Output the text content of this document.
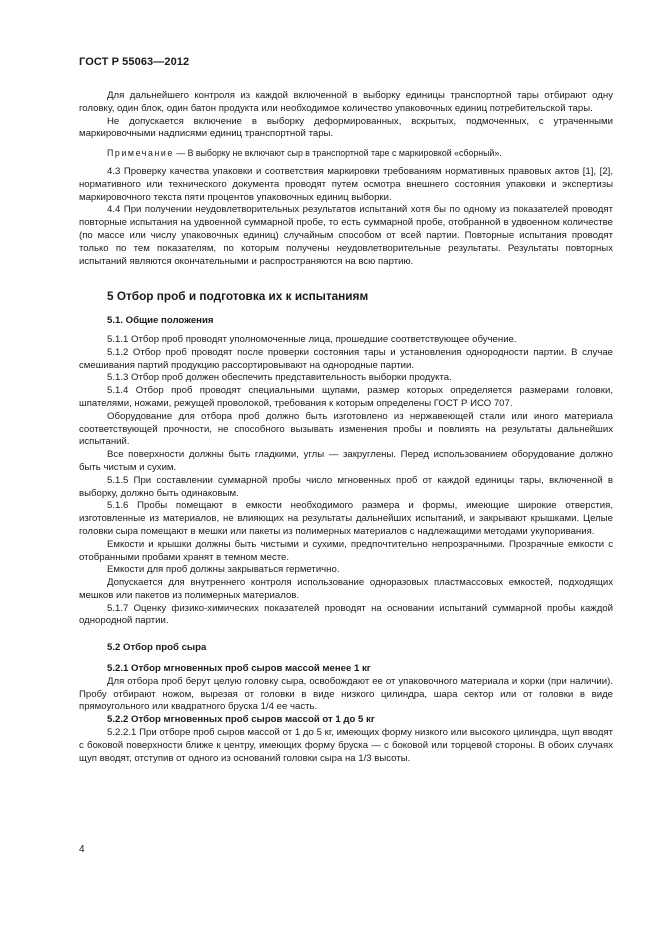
ГОСТ Р 55063—2012

Для дальнейшего контроля из каждой включенной в выборку единицы транспортной тары отбирают одну головку, один блок, один батон продукта или необходимое количество упаковочных единиц потребительской тары.

Не допускается включение в выборку деформированных, вскрытых, подмоченных, с утраченными маркировочными надписями единиц транспортной тары.

Примечание — В выборку не включают сыр в транспортной таре с маркировкой «сборный».

4.3 Проверку качества упаковки и соответствия маркировки требованиям нормативных правовых актов [1], [2], нормативного или технического документа проводят путем осмотра внешнего состояния упаковки и экспертизы маркировочного текста пяти процентов упаковочных единиц выборки.

4.4 При получении неудовлетворительных результатов испытаний хотя бы по одному из показателей проводят повторные испытания на удвоенной суммарной пробе, то есть суммарной пробе, отобранной в удвоенном количестве (по массе или числу упаковочных единиц) случайным способом от всей партии. Повторные испытания проводят только по тем показателям, по которым получены неудовлетворительные результаты. Результаты повторных испытаний являются окончательными и распространяются на всю партию.

5 Отбор проб и подготовка их к испытаниям
5.1. Общие положения

5.1.1 Отбор проб проводят уполномоченные лица, прошедшие соответствующее обучение.

5.1.2 Отбор проб проводят после проверки состояния тары и установления однородности партии. В случае смешивания партий продукцию рассортировывают на однородные партии.

5.1.3 Отбор проб должен обеспечить представительность выборки продукта.

5.1.4 Отбор проб проводят специальными щупами, размер которых определяется размерами головки, шпателями, ножами, режущей проволокой, требования к которым определены ГОСТ Р ИСО 707.

Оборудование для отбора проб должно быть изготовлено из нержавеющей стали или иного материала соответствующей прочности, не способного вызывать изменения пробы и повлиять на результаты дальнейших испытаний.

Все поверхности должны быть гладкими, углы — закруглены. Перед использованием оборудование должно быть чистым и сухим.

5.1.5 При составлении суммарной пробы число мгновенных проб от каждой единицы тары, включенной в выборку, должно быть одинаковым.

5.1.6 Пробы помещают в емкости необходимого размера и формы, имеющие широкие отверстия, изготовленные из материалов, не влияющих на результаты дальнейших испытаний, и закрывают крышками. Целые головки сыра помещают в мешки или пакеты из полимерных материалов с надлежащими методами укупоривания.

Емкости и крышки должны быть чистыми и сухими, предпочтительно непрозрачными. Прозрачные емкости с отобранными пробами хранят в темном месте.

Емкости для проб должны закрываться герметично.

Допускается для внутреннего контроля использование одноразовых пластмассовых емкостей, подходящих мешков или пакетов из полимерных материалов.

5.1.7 Оценку физико-химических показателей проводят на основании испытаний суммарной пробы каждой однородной партии.

5.2 Отбор проб сыра
5.2.1 Отбор мгновенных проб сыров массой менее 1 кг

Для отбора проб берут целую головку сыра, освобождают ее от упаковочного материала и корки (при наличии). Пробу отбирают ножом, вырезая от головки в виде низкого цилиндра, шара сектор или от головки в виде прямоугольного или квадратного бруска 1/4 ее часть.

5.2.2 Отбор мгновенных проб сыров массой от 1 до 5 кг

5.2.2.1 При отборе проб сыров массой от 1 до 5 кг, имеющих форму низкого или высокого цилиндра, щуп вводят с боковой поверхности ближе к центру, имеющих форму бруска — с боковой или торцевой стороны. В обоих случаях щуп вводят, отступив от одного из оснований головки сыра на 1/3 высоты.

4
